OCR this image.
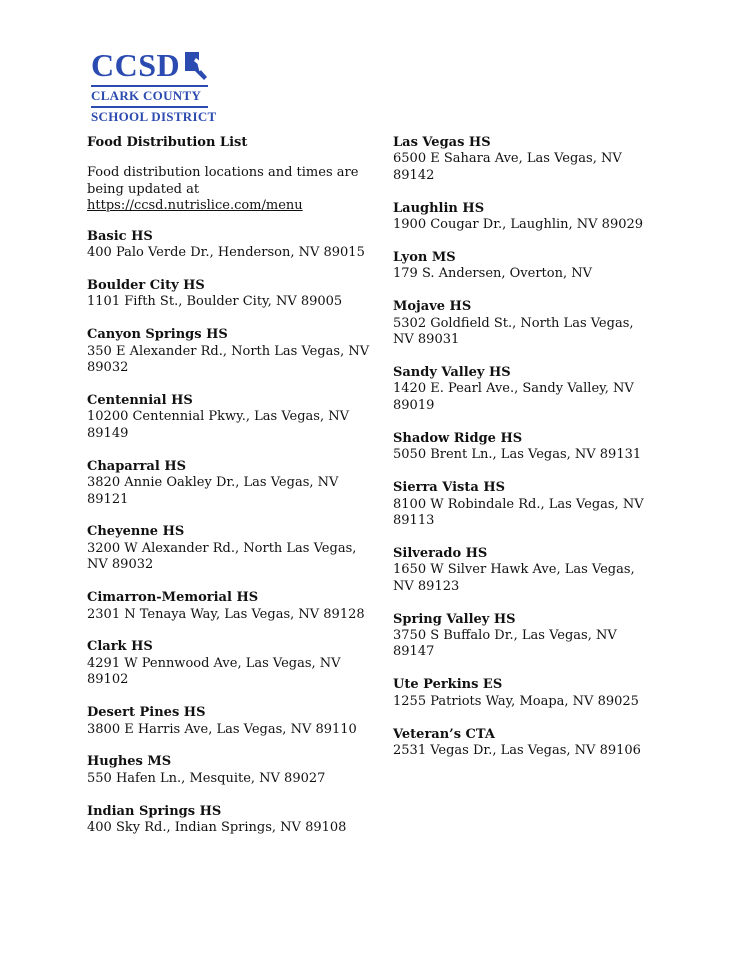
CCSD
CLARK COUNTY
SCHOOL DISTRICT
Food Distribution List
Food distribution locations and times are being updated at
https://ccsd.nutrislice.com/menu
Basic HS
400 Palo Verde Dr., Henderson, NV 89015
Boulder City HS
1101 Fifth St., Boulder City, NV 89005
Canyon Springs HS
350 E Alexander Rd., North Las Vegas, NV 89032
Centennial HS
10200 Centennial Pkwy., Las Vegas, NV 89149
Chaparral HS
3820 Annie Oakley Dr., Las Vegas, NV 89121
Cheyenne HS
3200 W Alexander Rd., North Las Vegas, NV 89032
Cimarron-Memorial HS
2301 N Tenaya Way, Las Vegas, NV 89128
Clark HS
4291 W Pennwood Ave, Las Vegas, NV 89102
Desert Pines HS
3800 E Harris Ave, Las Vegas, NV 89110
Hughes MS
550 Hafen Ln., Mesquite, NV 89027
Indian Springs HS
400 Sky Rd., Indian Springs, NV 89108
Las Vegas HS
6500 E Sahara Ave, Las Vegas, NV 89142
Laughlin HS
1900 Cougar Dr., Laughlin, NV 89029
Lyon MS
179 S. Andersen, Overton, NV
Mojave HS
5302 Goldfield St., North Las Vegas, NV 89031
Sandy Valley HS
1420 E. Pearl Ave., Sandy Valley, NV 89019
Shadow Ridge HS
5050 Brent Ln., Las Vegas, NV 89131
Sierra Vista HS
8100 W Robindale Rd., Las Vegas, NV 89113
Silverado HS
1650 W Silver Hawk Ave, Las Vegas, NV 89123
Spring Valley HS
3750 S Buffalo Dr., Las Vegas, NV 89147
Ute Perkins ES
1255 Patriots Way, Moapa, NV 89025
Veteran’s CTA
2531 Vegas Dr., Las Vegas, NV 89106
